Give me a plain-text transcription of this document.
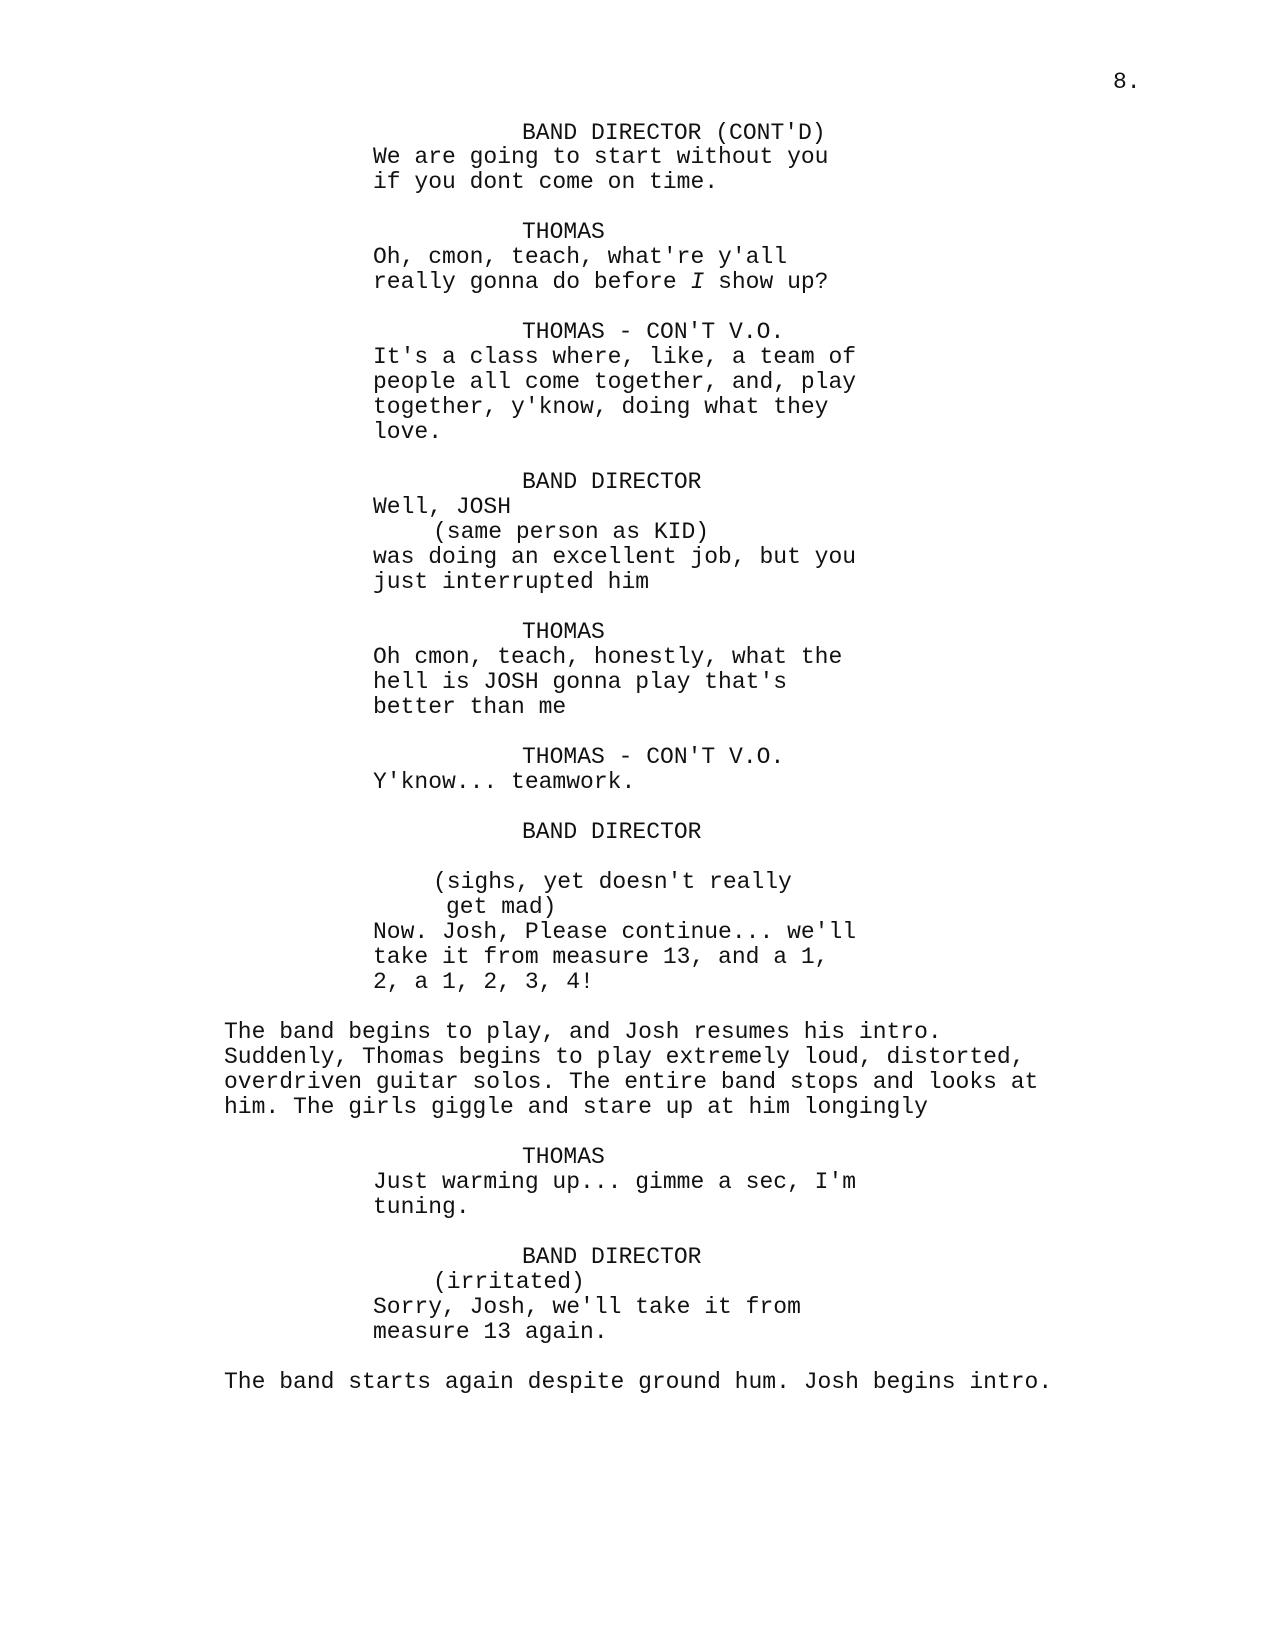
8.
BAND DIRECTOR (CONT'D)
We are going to start without you
if you dont come on time.
THOMAS
Oh, cmon, teach, what're y'all
really gonna do before I show up?
THOMAS - CON'T V.O.
It's a class where, like, a team of
people all come together, and, play
together, y'know, doing what they
love.
BAND DIRECTOR
Well, JOSH
(same person as KID)
was doing an excellent job, but you
just interrupted him
THOMAS
Oh cmon, teach, honestly, what the
hell is JOSH gonna play that's
better than me
THOMAS - CON'T V.O.
Y'know... teamwork.
BAND DIRECTOR
(sighs, yet doesn't really
get mad)
Now. Josh, Please continue... we'll
take it from measure 13, and a 1,
2, a 1, 2, 3, 4!
The band begins to play, and Josh resumes his intro.
Suddenly, Thomas begins to play extremely loud, distorted,
overdriven guitar solos. The entire band stops and looks at
him. The girls giggle and stare up at him longingly
THOMAS
Just warming up... gimme a sec, I'm
tuning.
BAND DIRECTOR
(irritated)
Sorry, Josh, we'll take it from
measure 13 again.
The band starts again despite ground hum. Josh begins intro.
